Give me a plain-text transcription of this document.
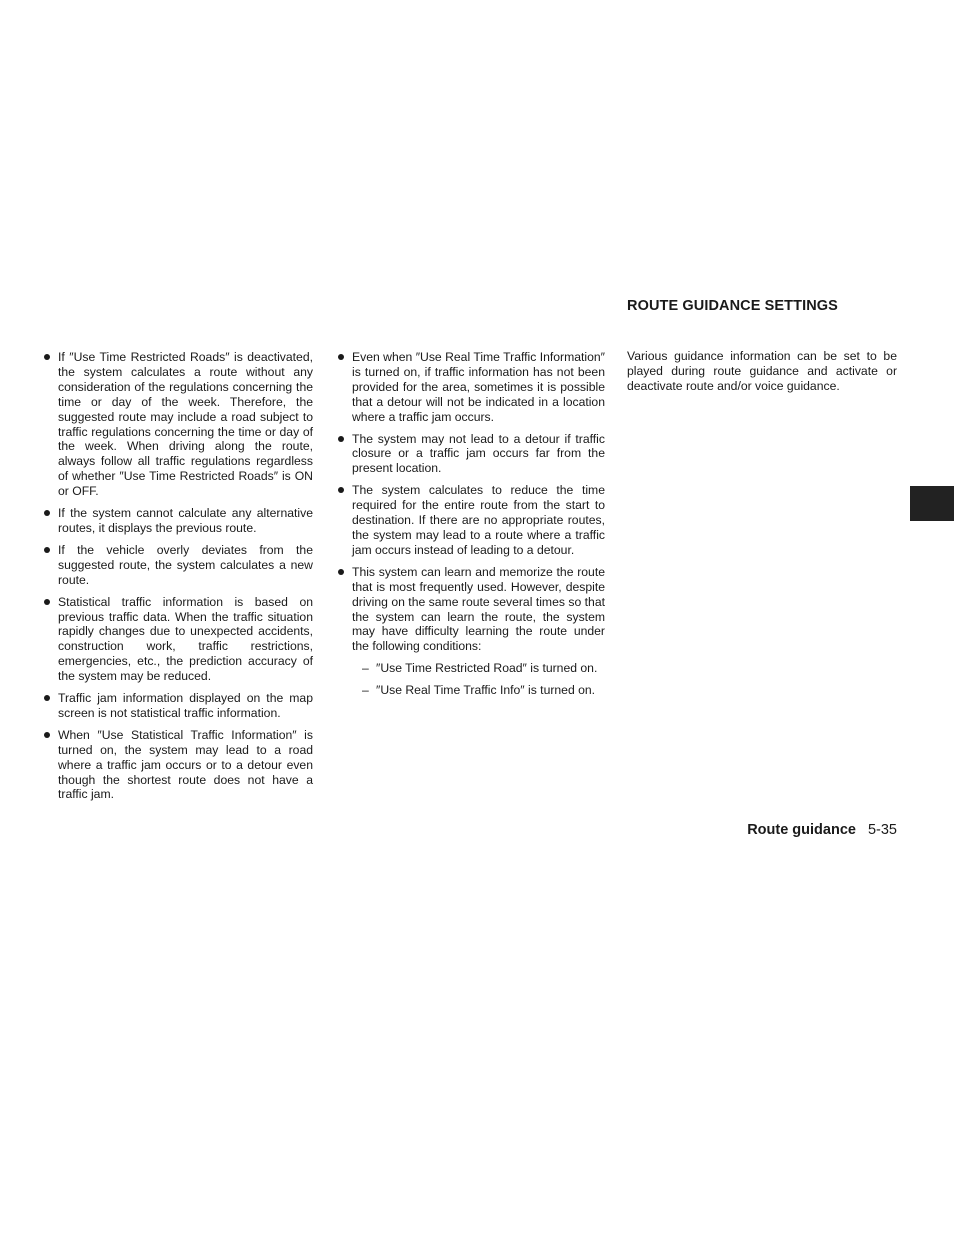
If ″Use Time Restricted Roads″ is deactivated, the system calculates a route without any consideration of the regulations concerning the time or day of the week. Therefore, the suggested route may include a road subject to traffic regulations concerning the time or day of the week. When driving along the route, always follow all traffic regulations regardless of whether ″Use Time Restricted Roads″ is ON or OFF.
If the system cannot calculate any alternative routes, it displays the previous route.
If the vehicle overly deviates from the suggested route, the system calculates a new route.
Statistical traffic information is based on previous traffic data. When the traffic situation rapidly changes due to unexpected accidents, construction work, traffic restrictions, emergencies, etc., the prediction accuracy of the system may be reduced.
Traffic jam information displayed on the map screen is not statistical traffic information.
When ″Use Statistical Traffic Information″ is turned on, the system may lead to a road where a traffic jam occurs or to a detour even though the shortest route does not have a traffic jam.
Even when ″Use Real Time Traffic Information″ is turned on, if traffic information has not been provided for the area, sometimes it is possible that a detour will not be indicated in a location where a traffic jam occurs.
The system may not lead to a detour if traffic closure or a traffic jam occurs far from the present location.
The system calculates to reduce the time required for the entire route from the start to destination. If there are no appropriate routes, the system may lead to a route where a traffic jam occurs instead of leading to a detour.
This system can learn and memorize the route that is most frequently used. However, despite driving on the same route several times so that the system can learn the route, the system may have difficulty learning the route under the following conditions:
– ″Use Time Restricted Road″ is turned on.
– ″Use Real Time Traffic Info″ is turned on.
ROUTE GUIDANCE SETTINGS

Various guidance information can be set to be played during route guidance and activate or deactivate route and/or voice guidance.

Route guidance 5-35
